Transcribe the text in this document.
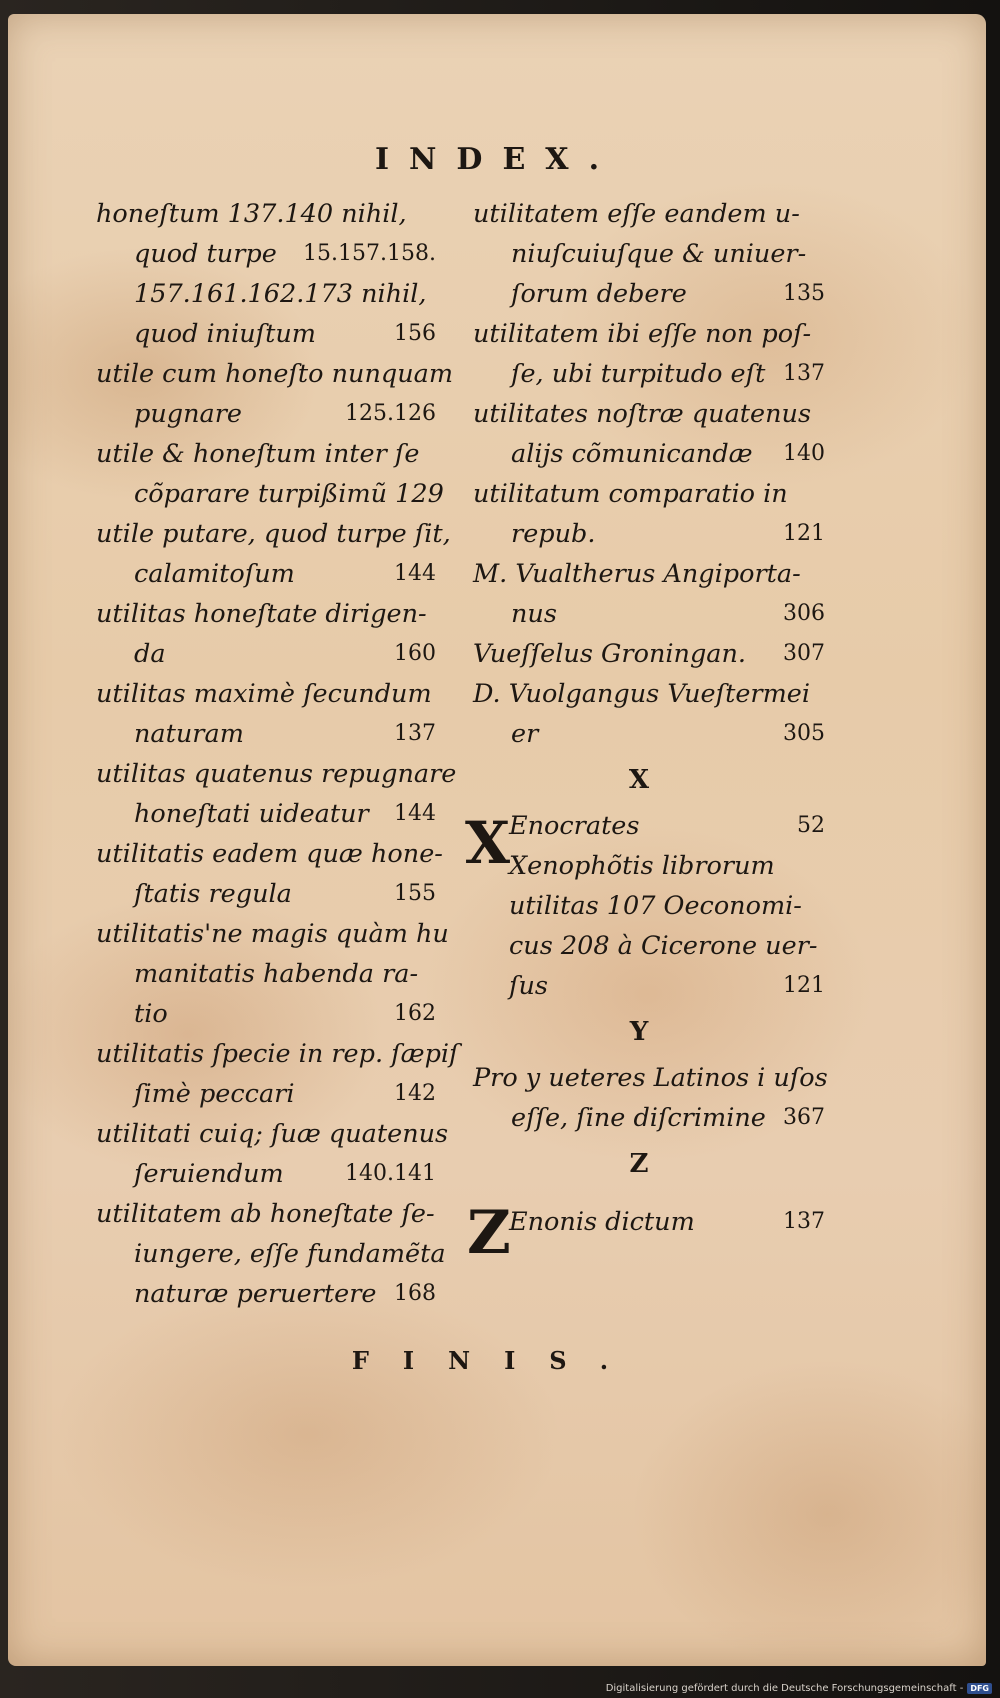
INDEX.
honeſtum 137.140 nihil,
quod turpe 15.157.158.
157.161.162.173 nihil,
quod iniuſtum	156
utile cum honeſto nunquam
pugnare	125.126
utile & honeſtum inter ſe
cõparare turpißimũ 129
utile putare, quod turpe ſit,
calamitoſum	144
utilitas honeſtate dirigen-
da	160
utilitas maximè ſecundum
naturam	137
utilitas quatenus repugnare
honeſtati uideatur 144
utilitatis eadem quæ hone-
ſtatis regula	155
utilitatis'ne magis quàm hu
manitatis habenda ra-
tio	162
utilitatis ſpecie in rep. ſæpiſ
ſimè peccari	142
utilitati cuiq; ſuæ quatenus
ſeruiendum	140.141
utilitatem ab honeſtate ſe-
iungere, eſſe fundamẽta
naturæ peruertere 168
utilitatem eſſe eandem u-
niuſcuiuſque & uniuer-
ſorum debere	135
utilitatem ibi eſſe non poſ-
ſe, ubi turpitudo eſt 137
utilitates noſtræ quatenus
aliјs cõmunicandæ 140
utilitatum comparatio in
repub.	121
M. Vualtherus Angiporta-
nus	306
Vueſſelus Groningan. 307
D. Vuolgangus Vueſtermei
er	305
X
X
Enocrates	52
Xenophõtis librorum
utilitas 107 Oeconomi-
cus 208 à Cicerone uer-
ſus	121
Y
Pro y ueteres Latinos i uſos
eſſe, ſine diſcrimine 367
Z
Z
Enonis dictum	137
FINIS.
Digitalisierung gefördert durch die Deutsche Forschungsgemeinschaft - DFG
